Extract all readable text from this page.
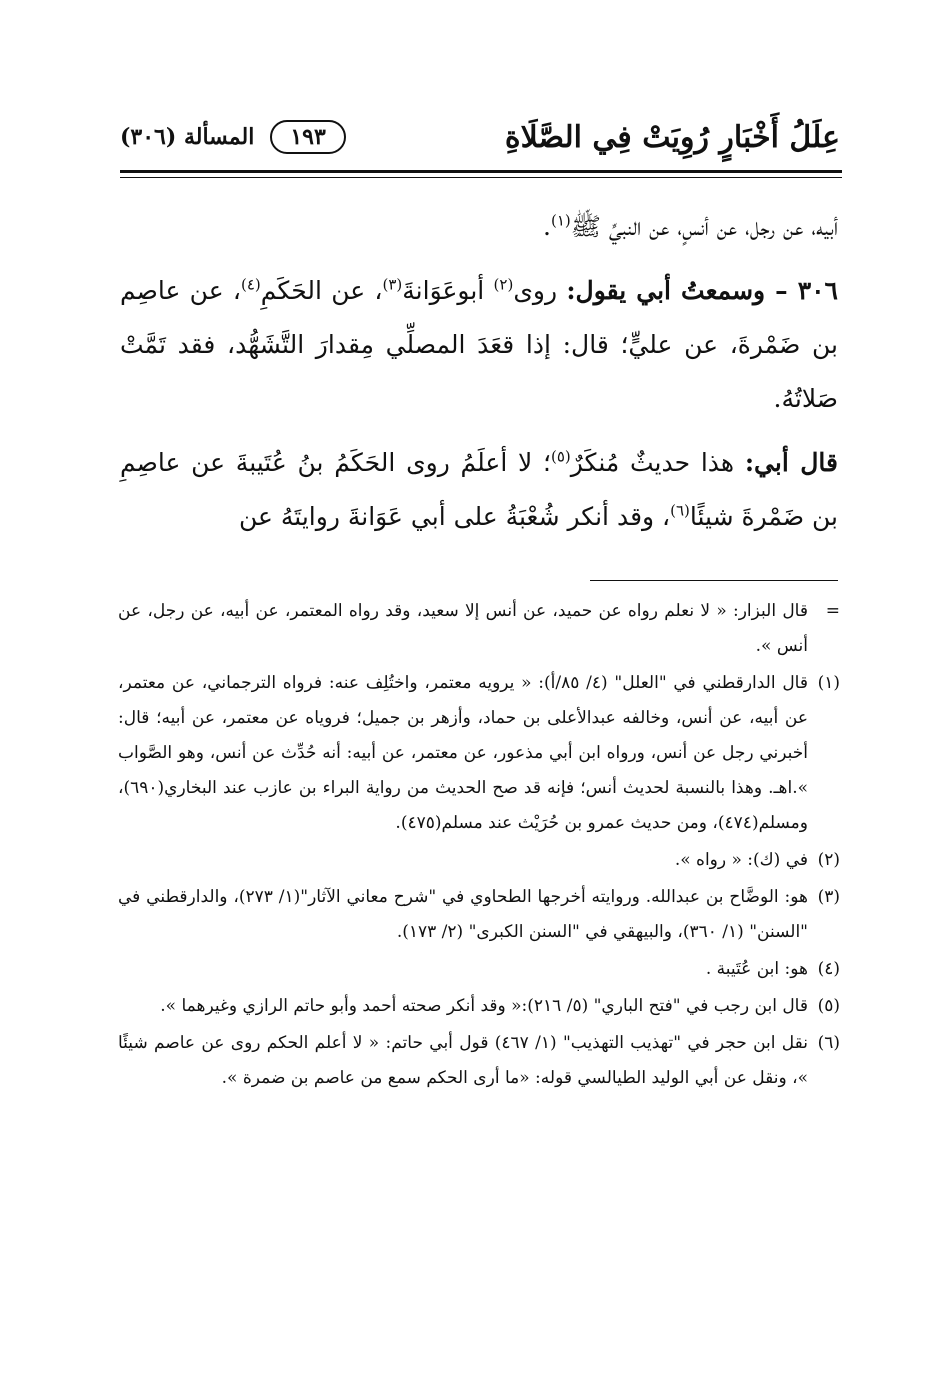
عِلَلُ أَخْبَارٍ رُوِيَتْ فِي الصَّلَاةِ
المسألة (٣٠٦)	١٩٣

أبيه، عن رجل، عن أنسٍ، عن النبيِّ ﷺ$^{(١)}$.

٣٠٦ – وسمعتُ أبي يقول: روى$^{(٢)}$ أبوعَوَانةَ$^{(٣)}$، عن الحَكَمِ$^{(٤)}$، عن عاصِم بن ضَمْرةَ، عن عليٍّ؛ قال: إذا قعَدَ المصلِّي مِقدارَ التَّشَهُّد، فقد تَمَّتْ صَلاتُهُ.

قال أبي: هذا حديثٌ مُنكَرٌ$^{(٥)}$؛ لا أعلَمُ روى الحَكَمُ بنُ عُتَيبةَ عن عاصِمِ بن ضَمْرةَ شيئًا$^{(٦)}$، وقد أنكر شُعْبَةُ على أبي عَوَانةَ روايتَهُ عن

=
قال البزار: « لا نعلم رواه عن حميد، عن أنس إلا سعيد، وقد رواه المعتمر، عن أبيه، عن رجل، عن أنس ».
(١)
قال الدارقطني في "العلل" (٤/ ٨٥/أ): « يرويه معتمر، واختُلِف عنه: فرواه الترجماني، عن معتمر، عن أبيه، عن أنس، وخالفه عبدالأعلى بن حماد، وأزهر بن جميل؛ فروياه عن معتمر، عن أبيه؛ قال: أخبرني رجل عن أنس، ورواه ابن أبي مذعور، عن معتمر، عن أبيه: أنه حُدِّث عن أنس، وهو الصَّواب ».اهـ. وهذا بالنسبة لحديث أنس؛ فإنه قد صح الحديث من رواية البراء بن عازب عند البخاري(٦٩٠)، ومسلم(٤٧٤)، ومن حديث عمرو بن حُرَيْث عند مسلم(٤٧٥).
(٢)
في (ك): « رواه ».
(٣)
هو: الوضَّاح بن عبدالله. وروايته أخرجها الطحاوي في "شرح معاني الآثار"(١/ ٢٧٣)، والدارقطني في "السنن" (١/ ٣٦٠)، والبيهقي في "السنن الكبرى" (٢/ ١٧٣).
(٤)
هو: ابن عُتَيبة .
(٥)
قال ابن رجب في "فتح الباري" (٥/ ٢١٦):« وقد أنكر صحته أحمد وأبو حاتم الرازي وغيرهما ».
(٦)
نقل ابن حجر في "تهذيب التهذيب" (١/ ٤٦٧) قول أبي حاتم: « لا أعلم الحكم روى عن عاصم شيئًا »، ونقل عن أبي الوليد الطيالسي قوله: «ما أرى الحكم سمع من عاصم بن ضمرة ».
